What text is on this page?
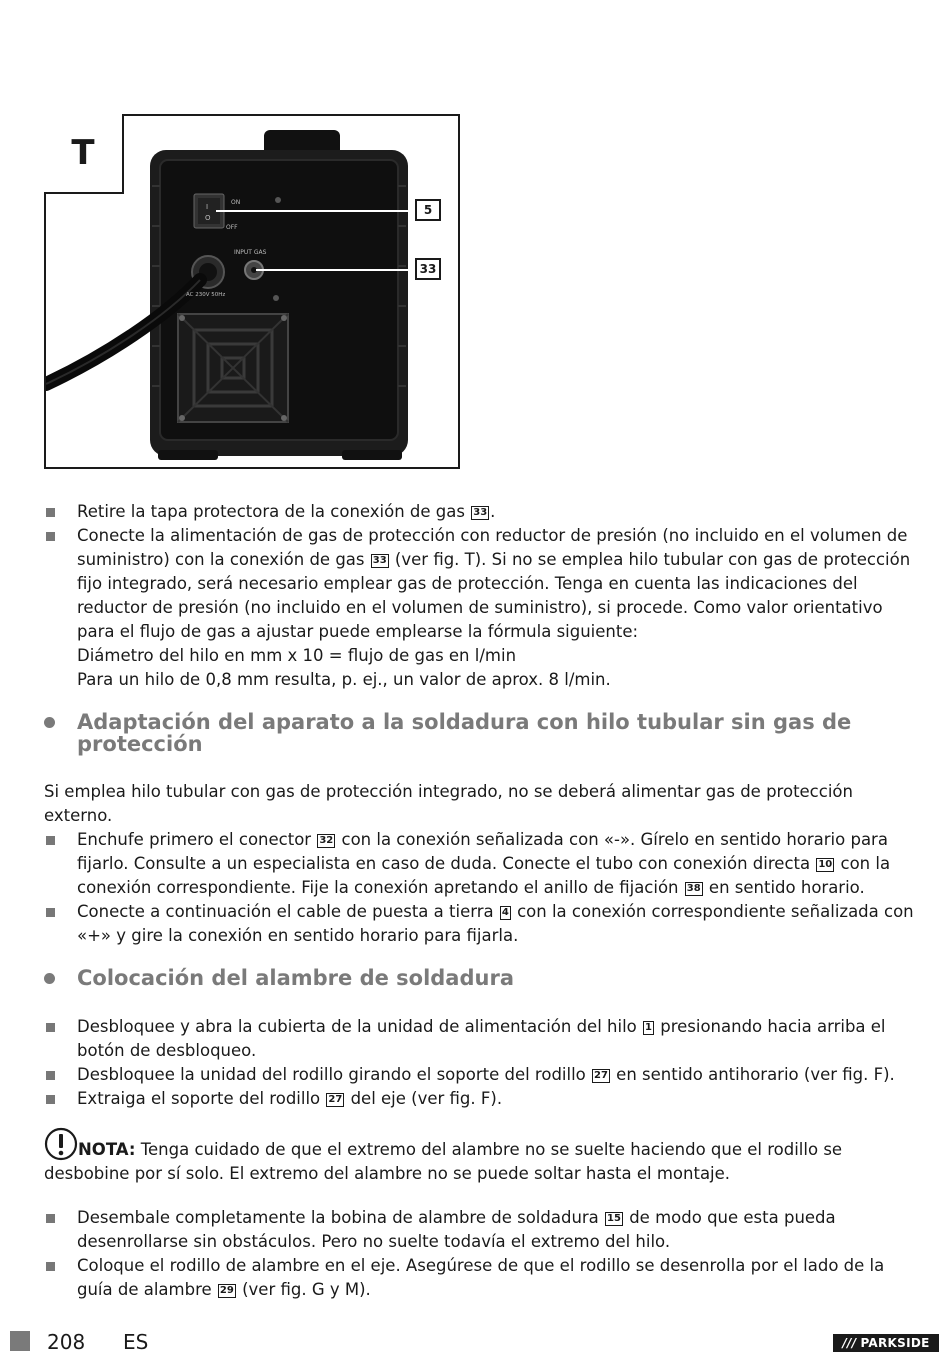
I
O
ON
OFF
INPUT GAS
AC 230V 50Hz
T
5
33
Retire la tapa protectora de la conexión de gas 33 .
Conecte la alimentación de gas de protección con reductor de presión (no incluido en el volumen de suministro) con la conexión de gas 33 (ver fig. T). Si no se emplea hilo tubular con gas de protección fijo integrado, será necesario emplear gas de protección. Tenga en cuenta las indicaciones del reductor de presión (no incluido en el volumen de suministro), si procede. Como valor orientativo para el flujo de gas a ajustar puede emplearse la fórmula siguiente:
Diámetro del hilo en mm x 10 = flujo de gas en l/min
Para un hilo de 0,8 mm resulta, p. ej., un valor de aprox. 8 l/min.
Adaptación del aparato a la soldadura con hilo tubular sin gas de protección
Si emplea hilo tubular con gas de protección integrado, no se deberá alimentar gas de protección externo.
Enchufe primero el conector 32 con la conexión señalizada con «-». Gírelo en sentido horario para fijarlo. Consulte a un especialista en caso de duda. Conecte el tubo con conexión directa 10 con la conexión correspondiente. Fije la conexión apretando el anillo de fijación 38 en sentido horario.
Conecte a continuación el cable de puesta a tierra 4 con la conexión correspondiente señalizada con «+» y gire la conexión en sentido horario para fijarla.
Colocación del alambre de soldadura
Desbloquee y abra la cubierta de la unidad de alimentación del hilo 1 presionando hacia arriba el botón de desbloqueo.
Desbloquee la unidad del rodillo girando el soporte del rodillo 27 en sentido antihorario (ver fig. F).
Extraiga el soporte del rodillo 27 del eje (ver fig. F).
NOTA: Tenga cuidado de que el extremo del alambre no se suelte haciendo que el rodillo se desbobine por sí solo. El extremo del alambre no se puede soltar hasta el montaje.
Desembale completamente la bobina de alambre de soldadura 15 de modo que esta pueda desenrollarse sin obstáculos. Pero no suelte todavía el extremo del hilo.
Coloque el rodillo de alambre en el eje. Asegúrese de que el rodillo se desenrolla por el lado de la guía de alambre 29 (ver fig. G y M).
208 ES	/// PARKSIDE
